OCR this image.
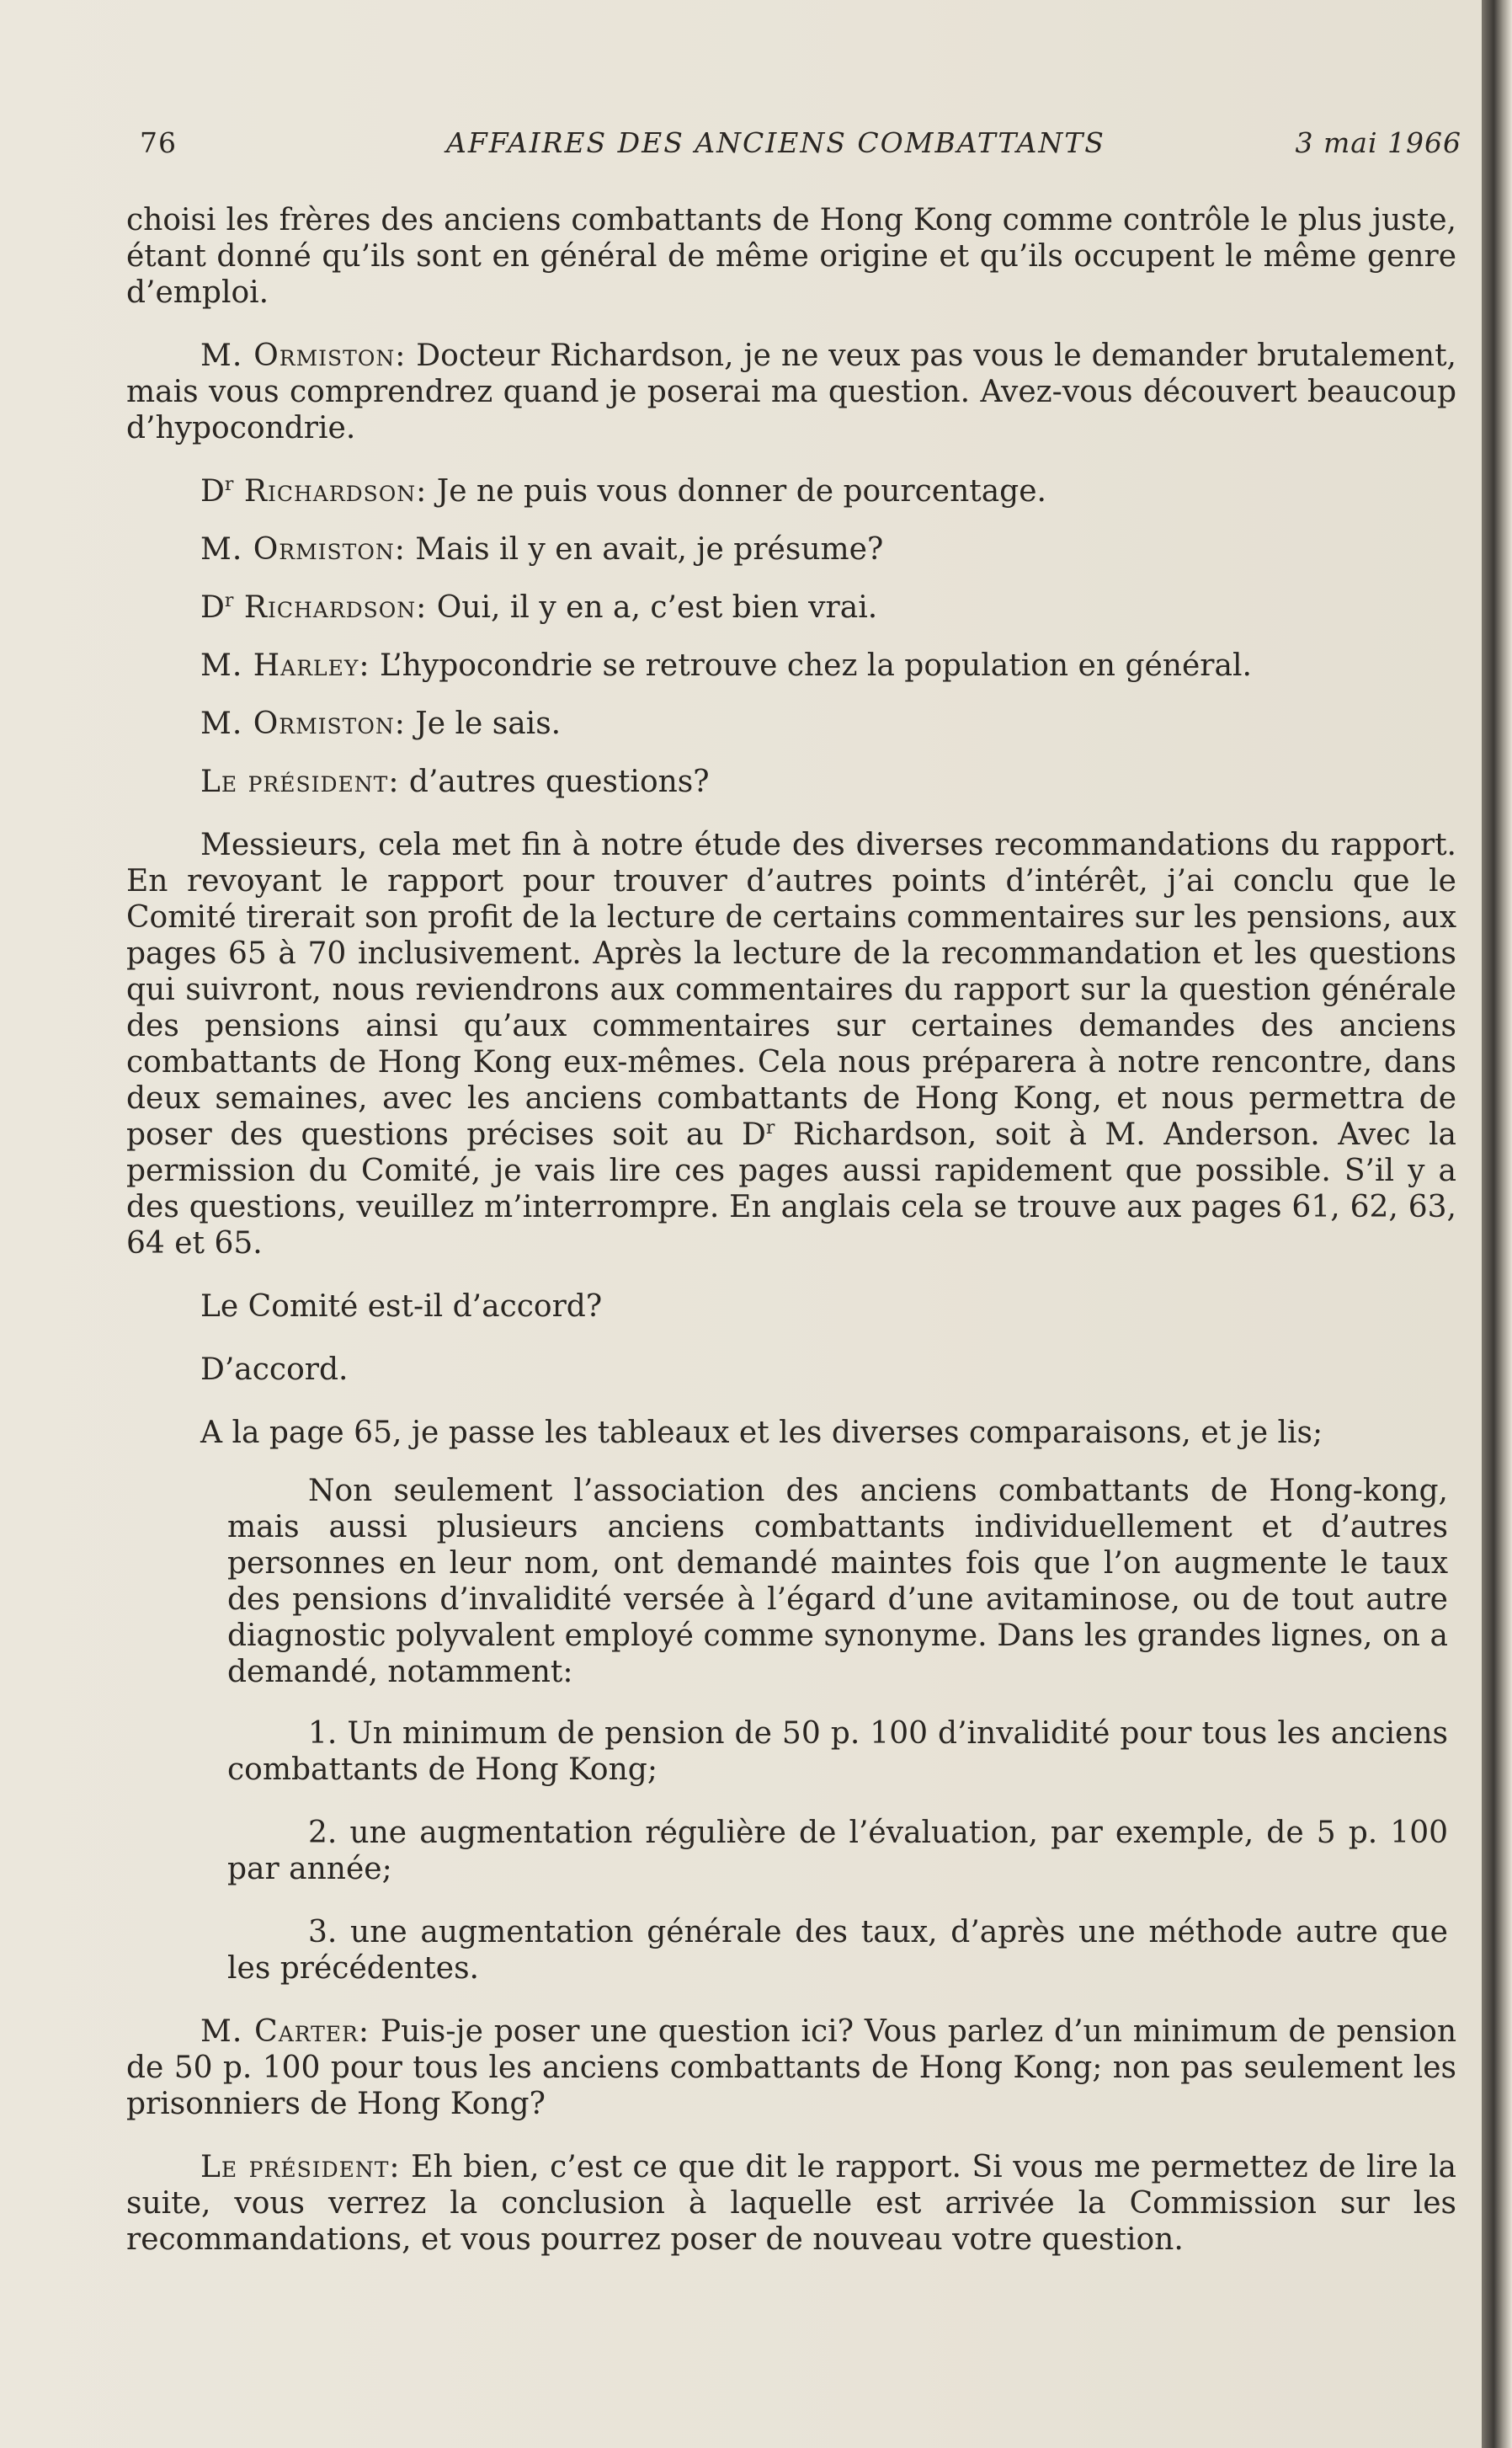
76	AFFAIRES DES ANCIENS COMBATTANTS	3 mai 1966

choisi les frères des anciens combattants de Hong Kong comme contrôle le plus juste, étant donné qu’ils sont en général de même origine et qu’ils occupent le même genre d’emploi.

M. Ormiston: Docteur Richardson, je ne veux pas vous le demander brutalement, mais vous comprendrez quand je poserai ma question. Avez-vous découvert beaucoup d’hypocondrie.

$D^r$ Richardson: Je ne puis vous donner de pourcentage.

M. Ormiston: Mais il y en avait, je présume?

$D^r$ Richardson: Oui, il y en a, c’est bien vrai.

M. Harley: L’hypocondrie se retrouve chez la population en général.

M. Ormiston: Je le sais.

Le président: d’autres questions?

Messieurs, cela met fin à notre étude des diverses recommandations du rapport. En revoyant le rapport pour trouver d’autres points d’intérêt, j’ai conclu que le Comité tirerait son profit de la lecture de certains commentaires sur les pensions, aux pages 65 à 70 inclusivement. Après la lecture de la recommandation et les questions qui suivront, nous reviendrons aux commentaires du rapport sur la question générale des pensions ainsi qu’aux commentaires sur certaines demandes des anciens combattants de Hong Kong eux-mêmes. Cela nous préparera à notre rencontre, dans deux semaines, avec les anciens combattants de Hong Kong, et nous permettra de poser des questions précises soit au $D^r$ Richardson, soit à M. Anderson. Avec la permission du Comité, je vais lire ces pages aussi rapidement que possible. S’il y a des questions, veuillez m’interrompre. En anglais cela se trouve aux pages 61, 62, 63, 64 et 65.

Le Comité est-il d’accord?

D’accord.

A la page 65, je passe les tableaux et les diverses comparaisons, et je lis;

Non seulement l’association des anciens combattants de Hong-kong, mais aussi plusieurs anciens combattants individuellement et d’autres personnes en leur nom, ont demandé maintes fois que l’on augmente le taux des pensions d’invalidité versée à l’égard d’une avitaminose, ou de tout autre diagnostic polyvalent employé comme synonyme. Dans les grandes lignes, on a demandé, notamment:

1. Un minimum de pension de 50 p. 100 d’invalidité pour tous les anciens combattants de Hong Kong;

2. une augmentation régulière de l’évaluation, par exemple, de 5 p. 100 par année;

3. une augmentation générale des taux, d’après une méthode autre que les précédentes.

M. Carter: Puis-je poser une question ici? Vous parlez d’un minimum de pension de 50 p. 100 pour tous les anciens combattants de Hong Kong; non pas seulement les prisonniers de Hong Kong?

Le président: Eh bien, c’est ce que dit le rapport. Si vous me permettez de lire la suite, vous verrez la conclusion à laquelle est arrivée la Commission sur les recommandations, et vous pourrez poser de nouveau votre question.
